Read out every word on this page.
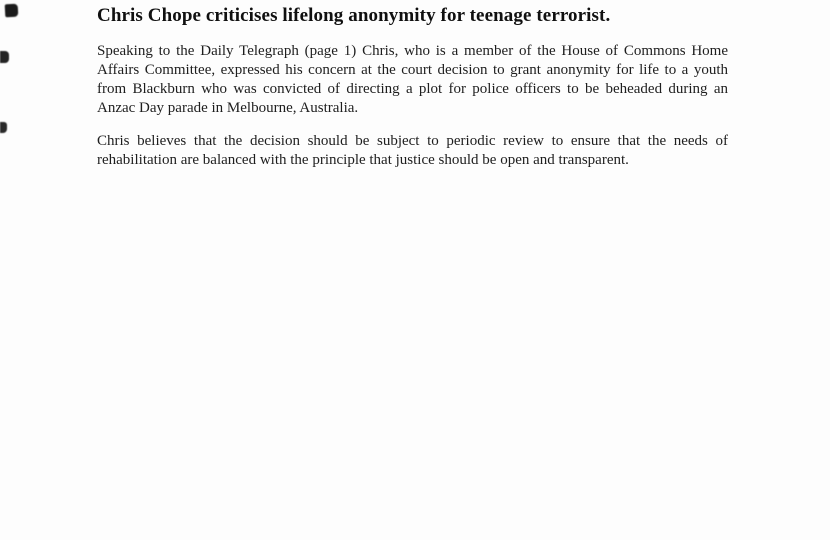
Chris Chope criticises lifelong anonymity for teenage terrorist.
Speaking to the Daily Telegraph (page 1) Chris, who is a member of the House of Commons Home
Affairs Committee, expressed his concern at the court decision to grant anonymity for life to a youth
from Blackburn who was convicted of directing a plot for police officers to be beheaded during an
Anzac Day parade in Melbourne, Australia.
Chris believes that the decision should be subject to periodic review to ensure that the needs of
rehabilitation are balanced with the principle that justice should be open and transparent.
